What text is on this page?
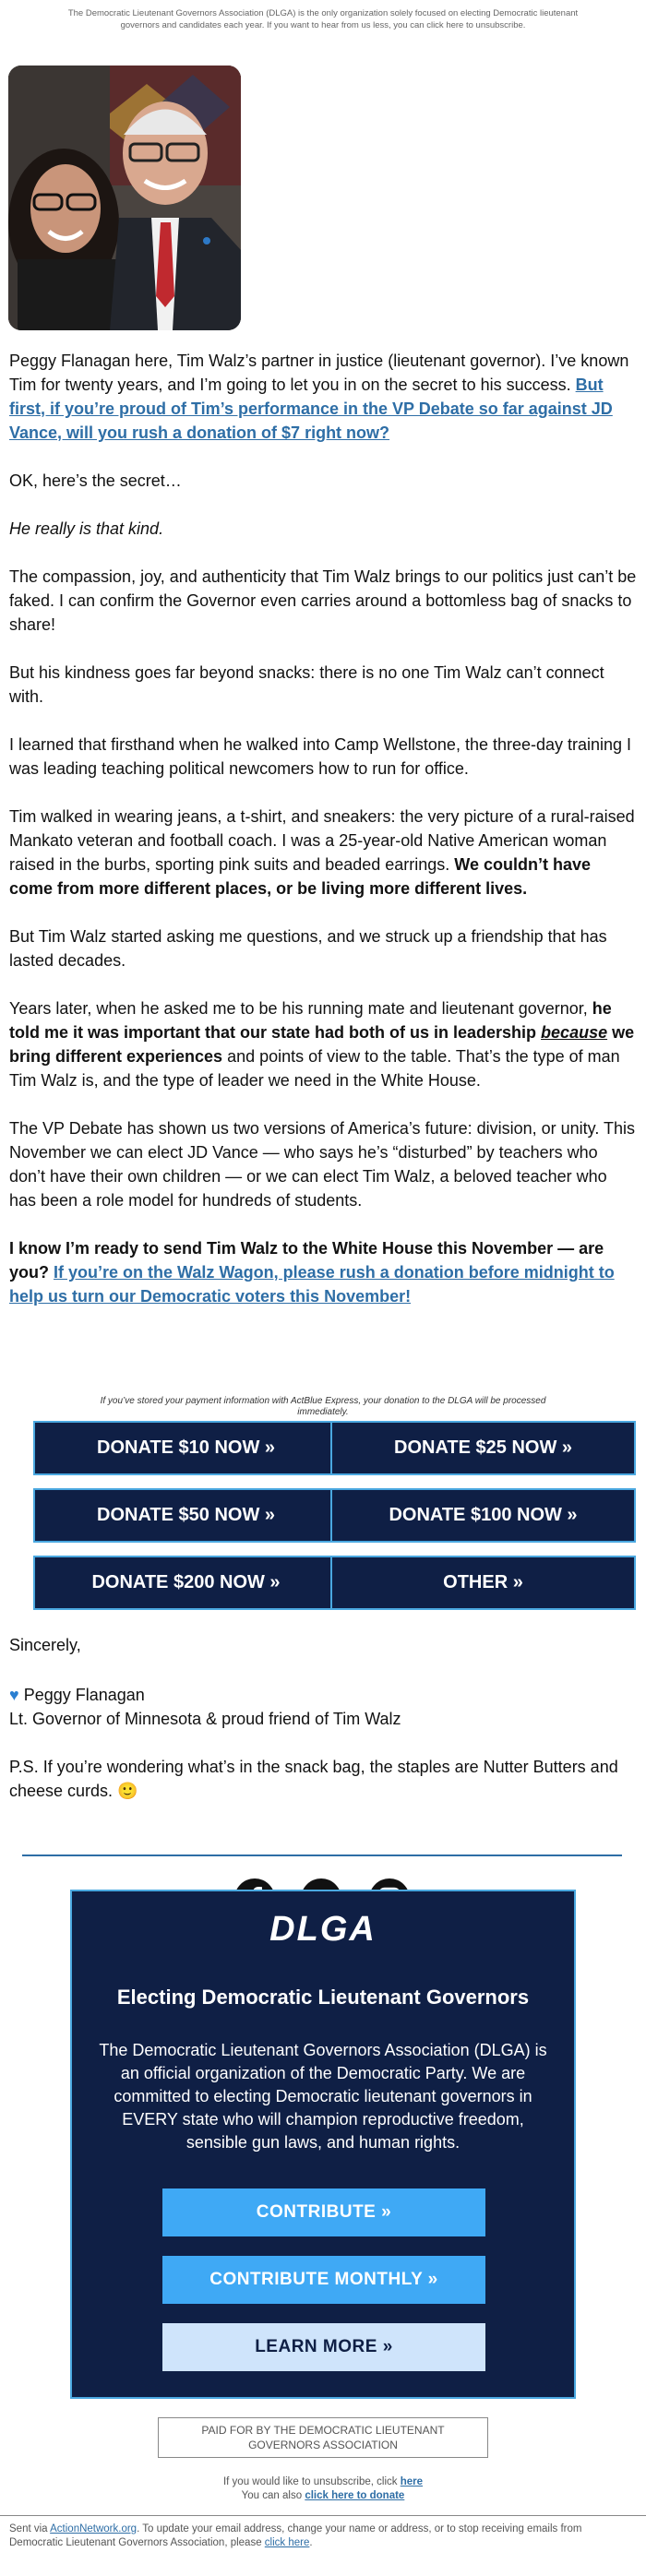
The Democratic Lieutenant Governors Association (DLGA) is the only organization solely focused on electing Democratic lieutenant governors and candidates each year. If you want to hear from us less, you can click here to unsubscribe.

Peggy Flanagan here, Tim Walz’s partner in justice (lieutenant governor). I’ve known Tim for twenty years, and I’m going to let you in on the secret to his success. But first, if you’re proud of Tim’s performance in the VP Debate so far against JD Vance, will you rush a donation of $7 right now?

OK, here’s the secret…

He really is that kind.

The compassion, joy, and authenticity that Tim Walz brings to our politics just can’t be faked. I can confirm the Governor even carries around a bottomless bag of snacks to share!

But his kindness goes far beyond snacks: there is no one Tim Walz can’t connect with.

I learned that firsthand when he walked into Camp Wellstone, the three-day training I was leading teaching political newcomers how to run for office.

Tim walked in wearing jeans, a t-shirt, and sneakers: the very picture of a rural-raised Mankato veteran and football coach. I was a 25-year-old Native American woman raised in the burbs, sporting pink suits and beaded earrings. We couldn’t have come from more different places, or be living more different lives.

But Tim Walz started asking me questions, and we struck up a friendship that has lasted decades.

Years later, when he asked me to be his running mate and lieutenant governor, he told me it was important that our state had both of us in leadership because we bring different experiences and points of view to the table. That’s the type of man Tim Walz is, and the type of leader we need in the White House.

The VP Debate has shown us two versions of America’s future: division, or unity. This November we can elect JD Vance — who says he’s “disturbed” by teachers who don’t have their own children — or we can elect Tim Walz, a beloved teacher who has been a role model for hundreds of students.

I know I’m ready to send Tim Walz to the White House this November — are you? If you’re on the Walz Wagon, please rush a donation before midnight to help us turn our Democratic voters this November!

If you’ve stored your payment information with ActBlue Express, your donation to the DLGA will be processed immediately.
DONATE $10 NOW »	DONATE $25 NOW »
DONATE $50 NOW »	DONATE $100 NOW »
DONATE $200 NOW »	OTHER »
Sincerely,
♥ Peggy Flanagan
Lt. Governor of Minnesota & proud friend of Tim Walz
P.S. If you’re wondering what’s in the snack bag, the staples are Nutter Butters and cheese curds. 🙂
DLGA
Electing Democratic Lieutenant Governors
The Democratic Lieutenant Governors Association (DLGA) is an official organization of the Democratic Party. We are committed to electing Democratic lieutenant governors in EVERY state who will champion reproductive freedom, sensible gun laws, and human rights.
CONTRIBUTE »
CONTRIBUTE MONTHLY »
LEARN MORE »
PAID FOR BY THE DEMOCRATIC LIEUTENANT GOVERNORS ASSOCIATION
If you would like to unsubscribe, click here
You can also click here to donate
Sent via ActionNetwork.org. To update your email address, change your name or address, or to stop receiving emails from Democratic Lieutenant Governors Association, please click here.
